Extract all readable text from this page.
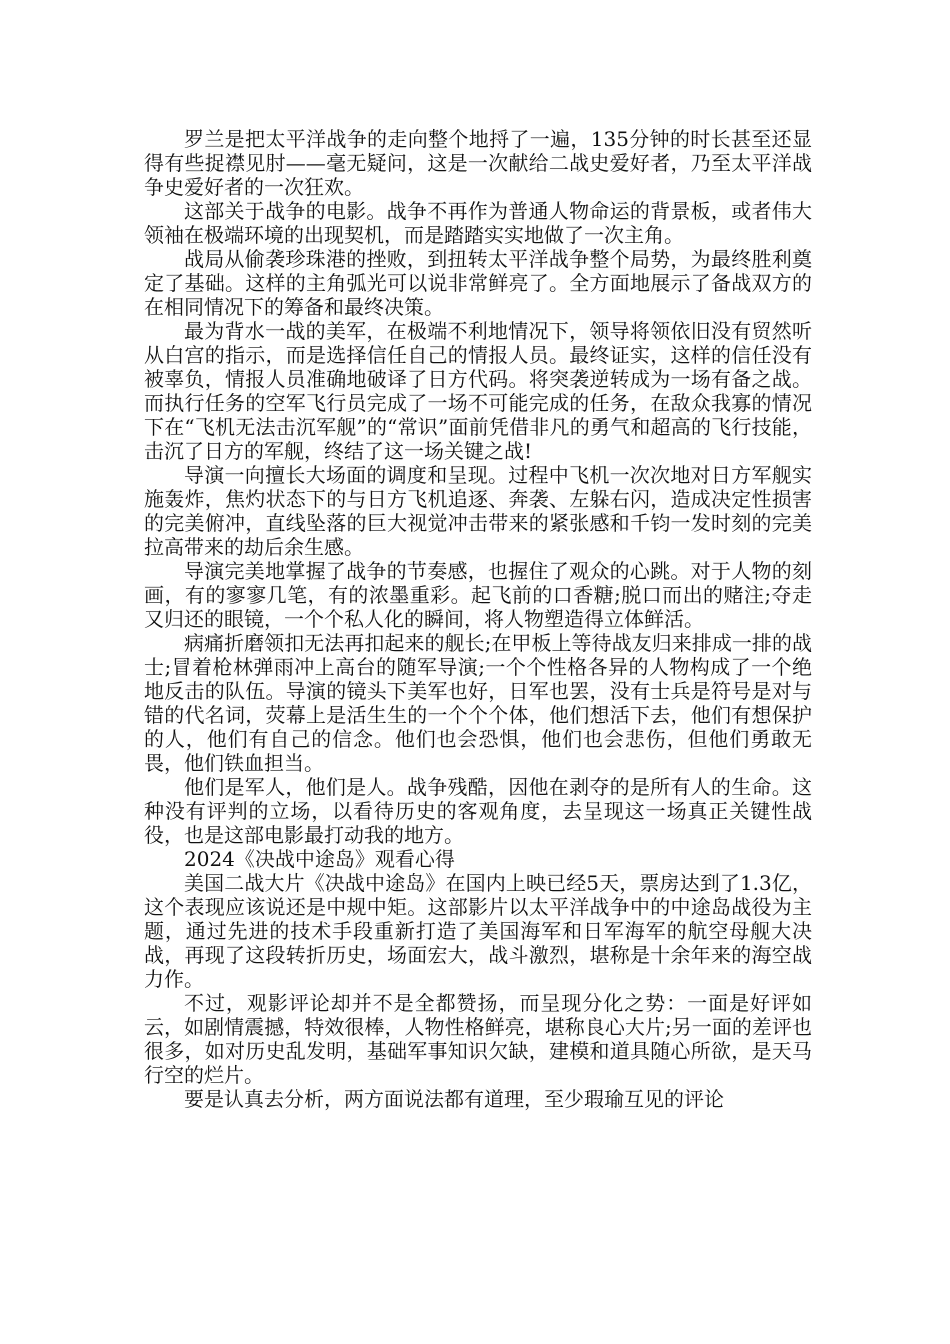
罗兰是把太平洋战争的走向整个地捋了一遍，135分钟的时长甚至还显得有些捉襟见肘——毫无疑问，这是一次献给二战史爱好者，乃至太平洋战争史爱好者的一次狂欢。

这部关于战争的电影。战争不再作为普通人物命运的背景板，或者伟大领袖在极端环境的出现契机，而是踏踏实实地做了一次主角。

战局从偷袭珍珠港的挫败，到扭转太平洋战争整个局势，为最终胜利奠定了基础。这样的主角弧光可以说非常鲜亮了。全方面地展示了备战双方的在相同情况下的筹备和最终决策。

最为背水一战的美军，在极端不利地情况下，领导将领依旧没有贸然听从白宫的指示，而是选择信任自己的情报人员。最终证实，这样的信任没有被辜负，情报人员准确地破译了日方代码。将突袭逆转成为一场有备之战。而执行任务的空军飞行员完成了一场不可能完成的任务，在敌众我寡的情况下在“飞机无法击沉军舰”的“常识”面前凭借非凡的勇气和超高的飞行技能，击沉了日方的军舰，终结了这一场关键之战!

导演一向擅长大场面的调度和呈现。过程中飞机一次次地对日方军舰实施轰炸，焦灼状态下的与日方飞机追逐、奔袭、左躲右闪，造成决定性损害的完美俯冲，直线坠落的巨大视觉冲击带来的紧张感和千钧一发时刻的完美拉高带来的劫后余生感。

导演完美地掌握了战争的节奏感，也握住了观众的心跳。对于人物的刻画，有的寥寥几笔，有的浓墨重彩。起飞前的口香糖;脱口而出的赌注;夺走又归还的眼镜，一个个私人化的瞬间，将人物塑造得立体鲜活。

病痛折磨领扣无法再扣起来的舰长;在甲板上等待战友归来排成一排的战士;冒着枪林弹雨冲上高台的随军导演;一个个性格各异的人物构成了一个绝地反击的队伍。导演的镜头下美军也好，日军也罢，没有士兵是符号是对与错的代名词，荧幕上是活生生的一个个个体，他们想活下去，他们有想保护的人，他们有自己的信念。他们也会恐惧，他们也会悲伤，但他们勇敢无畏，他们铁血担当。

他们是军人，他们是人。战争残酷，因他在剥夺的是所有人的生命。这种没有评判的立场，以看待历史的客观角度，去呈现这一场真正关键性战役，也是这部电影最打动我的地方。

2024《决战中途岛》观看心得

美国二战大片《决战中途岛》在国内上映已经5天，票房达到了1.3亿，这个表现应该说还是中规中矩。这部影片以太平洋战争中的中途岛战役为主题，通过先进的技术手段重新打造了美国海军和日军海军的航空母舰大决战，再现了这段转折历史，场面宏大，战斗激烈，堪称是十余年来的海空战力作。

不过，观影评论却并不是全都赞扬，而呈现分化之势：一面是好评如云，如剧情震撼，特效很棒，人物性格鲜亮，堪称良心大片;另一面的差评也很多，如对历史乱发明，基础军事知识欠缺，建模和道具随心所欲，是天马行空的烂片。

要是认真去分析，两方面说法都有道理，至少瑕瑜互见的评论
